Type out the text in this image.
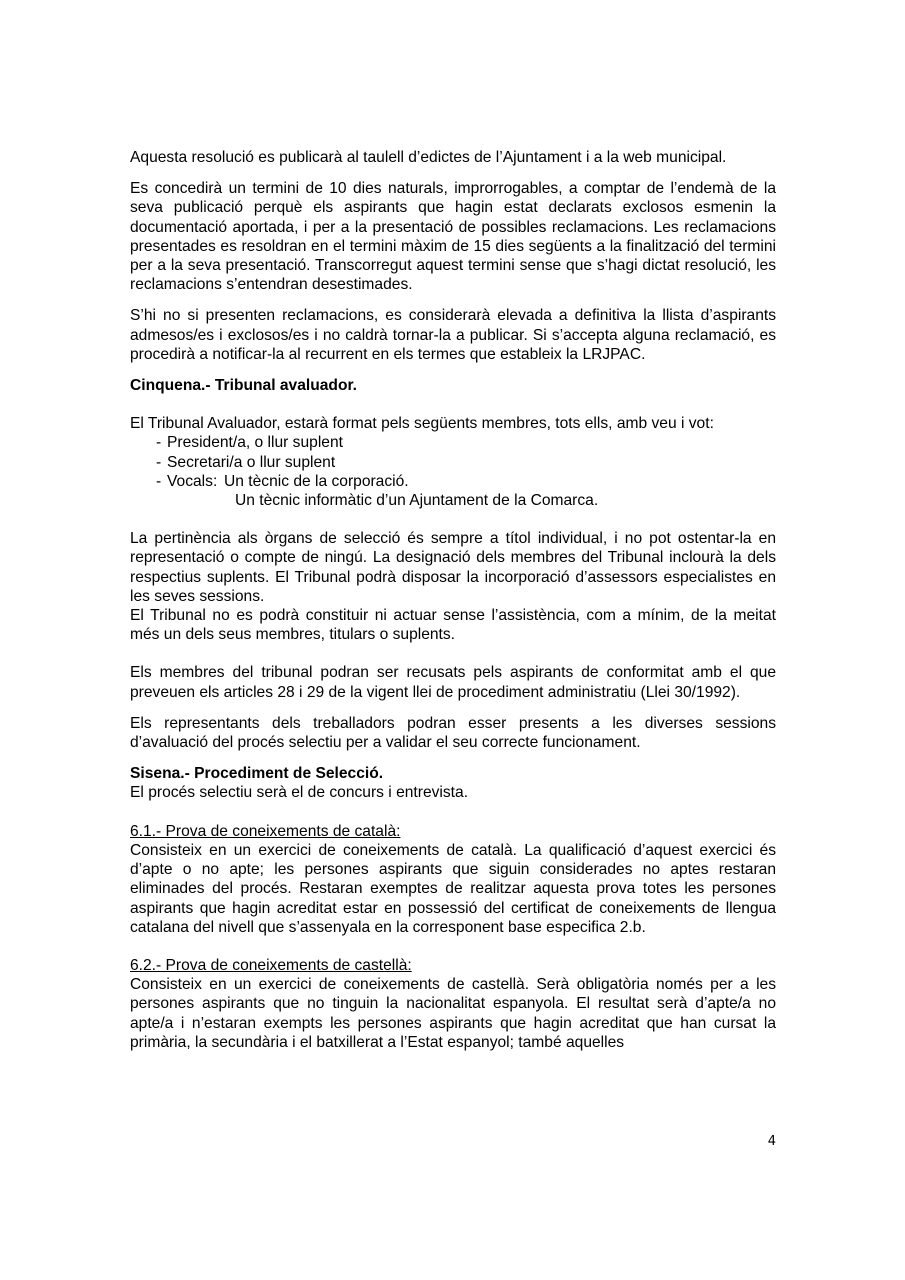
Aquesta resolució es publicarà al taulell d’edictes de l’Ajuntament i a la web municipal.

Es concedirà un termini de 10 dies naturals, improrrogables, a comptar de l’endemà de la seva publicació perquè els aspirants que hagin estat declarats exclosos esmenin la documentació aportada, i per a la presentació de possibles reclamacions. Les reclamacions presentades es resoldran en el termini màxim de 15 dies següents a la finalització del termini per a la seva presentació. Transcorregut aquest termini sense que s’hagi dictat resolució, les reclamacions s’entendran desestimades.

S’hi no si presenten reclamacions, es considerarà elevada a definitiva la llista d’aspirants admesos/es i exclosos/es i no caldrà tornar-la a publicar. Si s’accepta alguna reclamació, es procedirà a notificar-la al recurrent en els termes que estableix la LRJPAC.

Cinquena.- Tribunal avaluador.

El Tribunal Avaluador, estarà format pels següents membres, tots ells, amb veu i vot:

- President/a, o llur suplent
- Secretari/a o llur suplent
- Vocals: Un tècnic de la corporació.

Un tècnic informàtic d’un Ajuntament de la Comarca.

La pertinència als òrgans de selecció és sempre a títol individual, i no pot ostentar-la en representació o compte de ningú. La designació dels membres del Tribunal inclourà la dels respectius suplents. El Tribunal podrà disposar la incorporació d’assessors especialistes en les seves sessions.

El Tribunal no es podrà constituir ni actuar sense l’assistència, com a mínim, de la meitat més un dels seus membres, titulars o suplents.

Els membres del tribunal podran ser recusats pels aspirants de conformitat amb el que preveuen els articles 28 i 29 de la vigent llei de procediment administratiu (Llei 30/1992).

Els representants dels treballadors podran esser presents a les diverses sessions d’avaluació del procés selectiu per a validar el seu correcte funcionament.

Sisena.- Procediment de Selecció.

El procés selectiu serà el de concurs i entrevista.

6.1.- Prova de coneixements de català:

Consisteix en un exercici de coneixements de català. La qualificació d’aquest exercici és d’apte o no apte; les persones aspirants que siguin considerades no aptes restaran eliminades del procés. Restaran exemptes de realitzar aquesta prova totes les persones aspirants que hagin acreditat estar en possessió del certificat de coneixements de llengua catalana del nivell que s’assenyala en la corresponent base especifica 2.b.

6.2.- Prova de coneixements de castellà:

Consisteix en un exercici de coneixements de castellà. Serà obligatòria només per a les persones aspirants que no tinguin la nacionalitat espanyola. El resultat serà d’apte/a no apte/a i n’estaran exempts les persones aspirants que hagin acreditat que han cursat la primària, la secundària i el batxillerat a l’Estat espanyol; també aquelles

4
